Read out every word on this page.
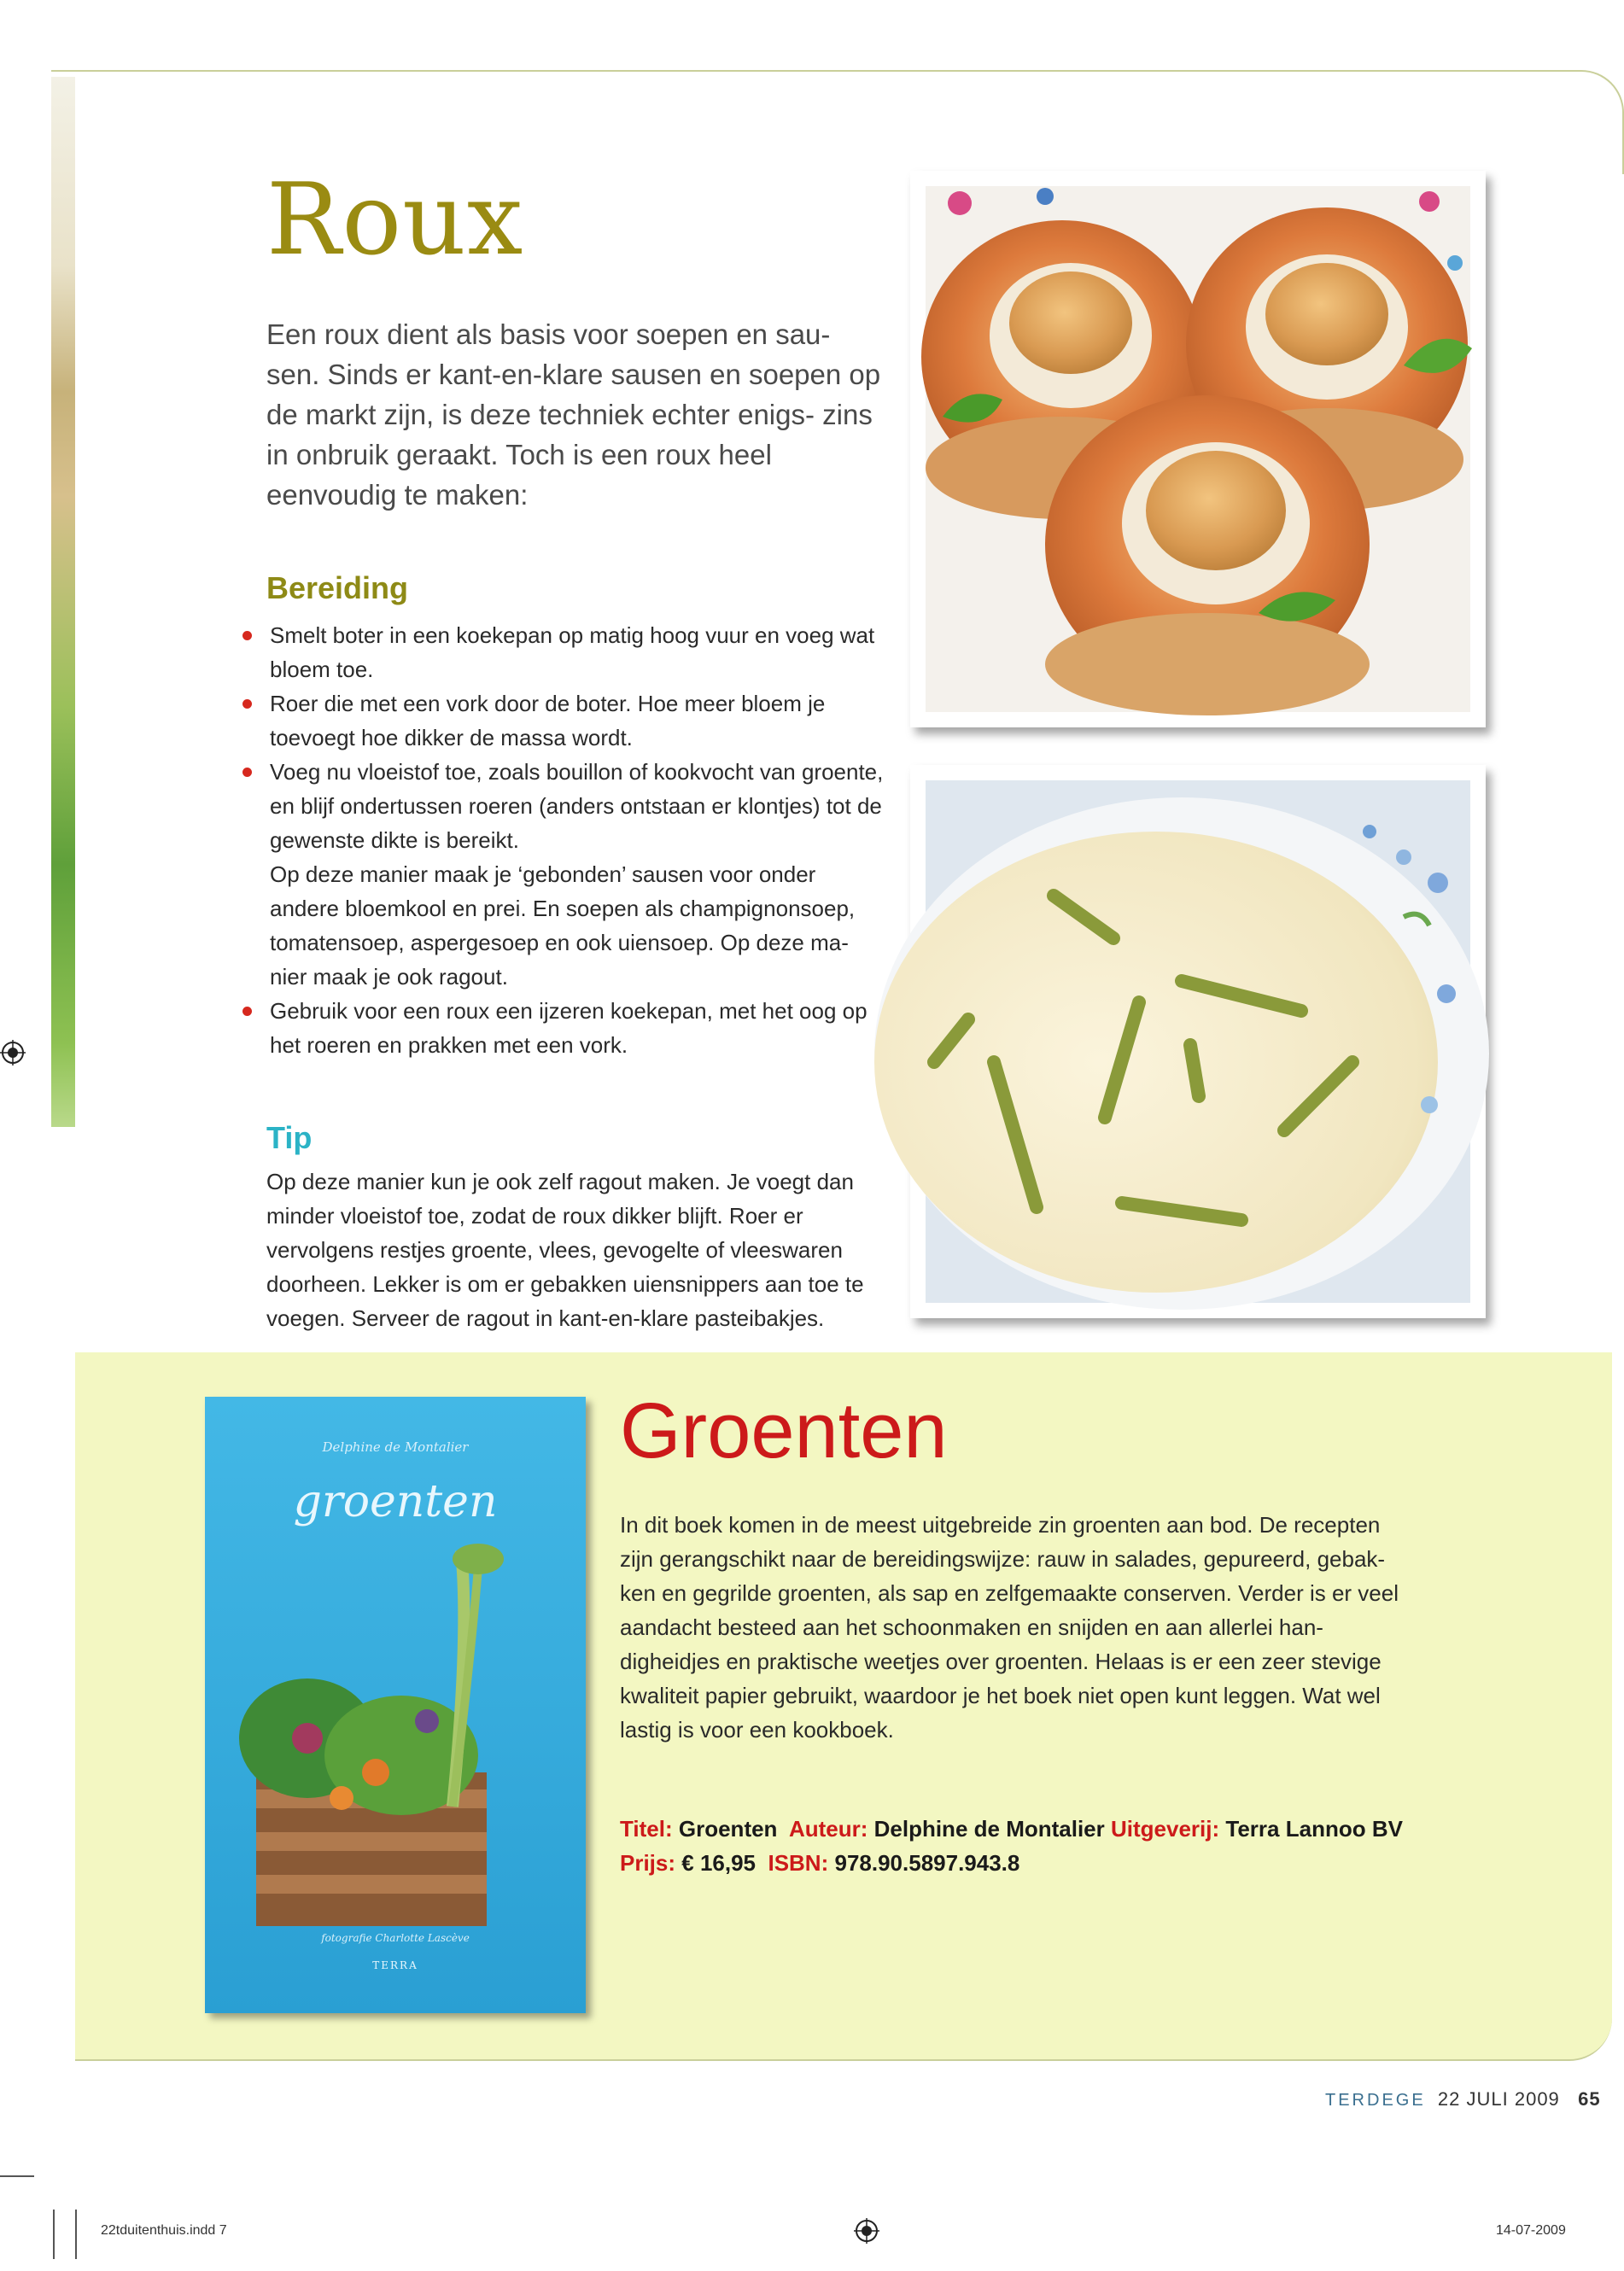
Roux
Een roux dient als basis voor soepen en sau- sen. Sinds er kant-en-klare sausen en soepen op de markt zijn, is deze techniek echter enigs- zins in onbruik geraakt. Toch is een roux heel eenvoudig te maken:
Bereiding
Smelt boter in een koekepan op matig hoog vuur en voeg wat bloem toe.
Roer die met een vork door de boter. Hoe meer bloem je toevoegt hoe dikker de massa wordt.
Voeg nu vloeistof toe, zoals bouillon of kookvocht van groente, en blijf ondertussen roeren (anders ontstaan er klontjes) tot de gewenste dikte is bereikt.
Op deze manier maak je ‘gebonden’ sausen voor onder andere bloemkool en prei. En soepen als champignonsoep, tomatensoep, aspergesoep en ook uiensoep. Op deze ma- nier maak je ook ragout.
Gebruik voor een roux een ijzeren koekepan, met het oog op het roeren en prakken met een vork.
Tip
Op deze manier kun je ook zelf ragout maken. Je voegt dan minder vloeistof toe, zodat de roux dikker blijft. Roer er vervolgens restjes groente, vlees, gevogelte of vleeswaren doorheen. Lekker is om er gebakken uiensnippers aan toe te voegen. Serveer de ragout in kant-en-klare pasteibakjes.
Delphine de Montalier
groenten
fotografie Charlotte Lascève
TERRA
Groenten
In dit boek komen in de meest uitgebreide zin groenten aan bod. De recepten zijn gerangschikt naar de bereidingswijze: rauw in salades, gepureerd, gebak- ken en gegrilde groenten, als sap en zelfgemaakte conserven. Verder is er veel aandacht besteed aan het schoonmaken en snijden en aan allerlei han- digheidjes en praktische weetjes over groenten. Helaas is er een zeer stevige kwaliteit papier gebruikt, waardoor je het boek niet open kunt leggen. Wat wel lastig is voor een kookboek.
Titel: Groenten Auteur: Delphine de Montalier Uitgeverij: Terra Lannoo BV  Prijs: € 16,95 ISBN: 978.90.5897.943.8
TERDEGE 22 JULI 2009 65
22tduitenthuis.indd 7	14-07-2009
